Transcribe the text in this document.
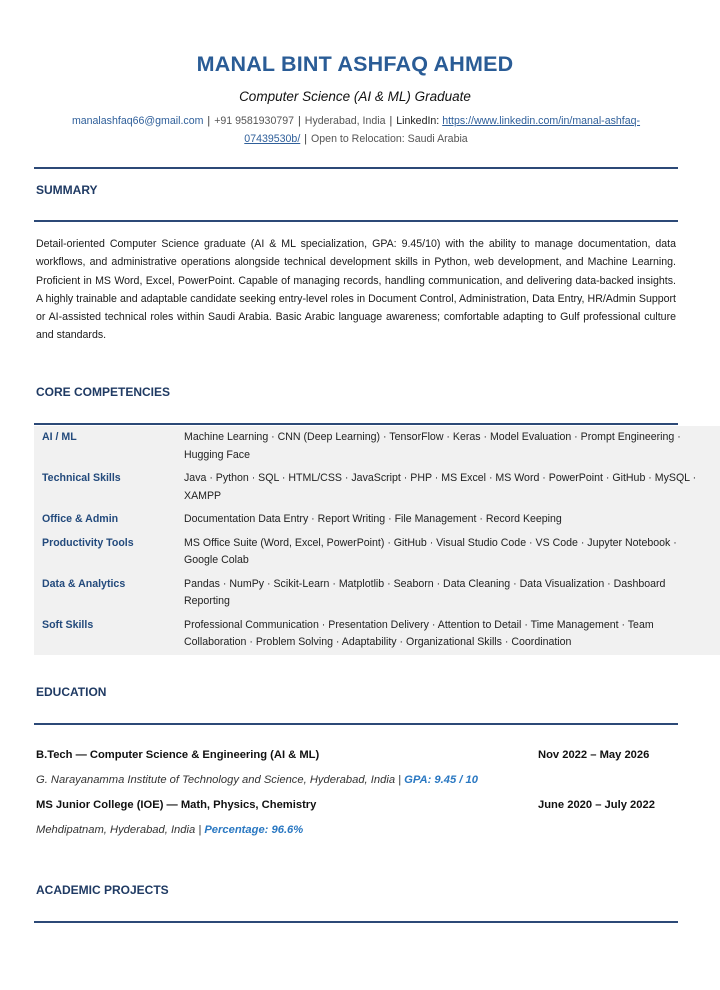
MANAL BINT ASHFAQ AHMED
Computer Science (AI & ML) Graduate
manalashfaq66@gmail.com | +91 9581930797 | Hyderabad, India | LinkedIn: https://www.linkedin.com/in/manal-ashfaq-
07439530b/ | Open to Relocation: Saudi Arabia
SUMMARY
Detail-oriented Computer Science graduate (AI & ML specialization, GPA: 9.45/10) with the ability to manage documentation, data workflows, and administrative operations alongside technical development skills in Python, web development, and Machine Learning. Proficient in MS Word, Excel, PowerPoint. Capable of managing records, handling communication, and delivering data-backed insights. A highly trainable and adaptable candidate seeking entry-level roles in Document Control, Administration, Data Entry, HR/Admin Support or AI-assisted technical roles within Saudi Arabia. Basic Arabic language awareness; comfortable adapting to Gulf professional culture and standards.
CORE COMPETENCIES
AI / ML	Machine Learning · CNN (Deep Learning) · TensorFlow · Keras · Model Evaluation · Prompt Engineering · Hugging Face
Technical Skills	Java · Python · SQL · HTML/CSS · JavaScript · PHP · MS Excel · MS Word · PowerPoint · GitHub · MySQL · XAMPP
Office & Admin	Documentation Data Entry · Report Writing · File Management · Record Keeping
Productivity Tools	MS Office Suite (Word, Excel, PowerPoint) · GitHub · Visual Studio Code · VS Code · Jupyter Notebook · Google Colab
Data & Analytics	Pandas · NumPy · Scikit-Learn · Matplotlib · Seaborn · Data Cleaning · Data Visualization · Dashboard Reporting
Soft Skills	Professional Communication · Presentation Delivery · Attention to Detail · Time Management · Team Collaboration · Problem Solving · Adaptability · Organizational Skills · Coordination
EDUCATION
B.Tech — Computer Science & Engineering (AI & ML)	Nov 2022 – May 2026
G. Narayanamma Institute of Technology and Science, Hyderabad, India | GPA: 9.45 / 10
MS Junior College (IOE) — Math, Physics, Chemistry	June 2020 – July 2022
Mehdipatnam, Hyderabad, India | Percentage: 96.6%
ACADEMIC PROJECTS
